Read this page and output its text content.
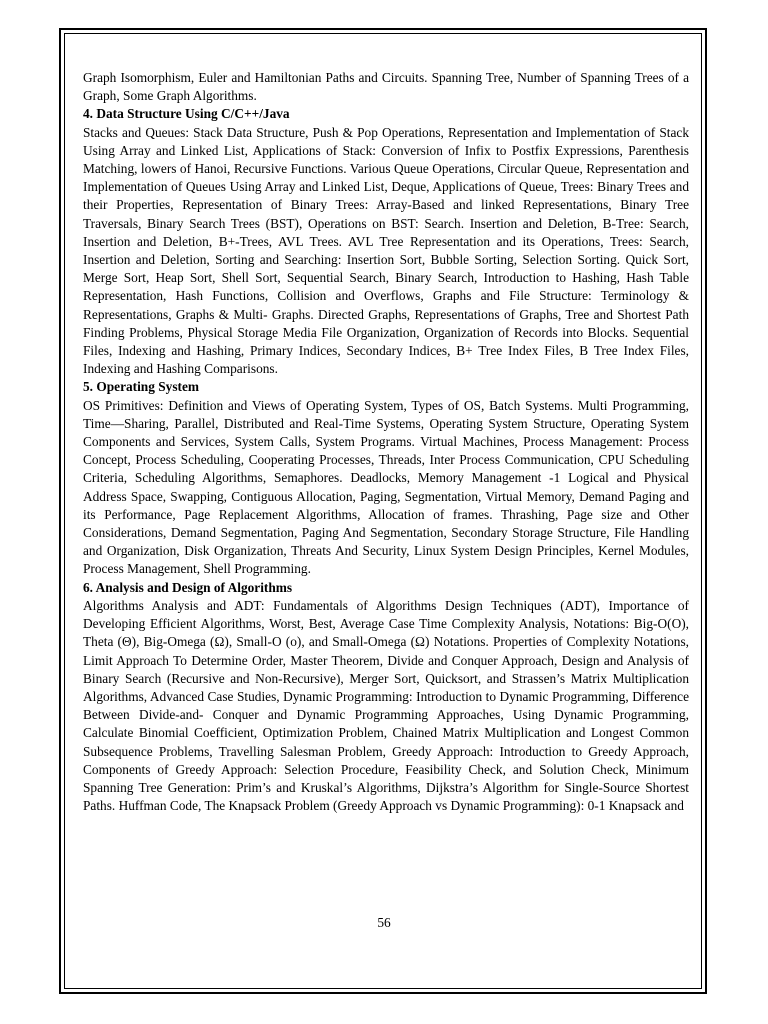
Graph Isomorphism, Euler and Hamiltonian Paths and Circuits. Spanning Tree, Number of Spanning Trees of a Graph, Some Graph Algorithms.

4. Data Structure Using C/C++/Java

Stacks and Queues: Stack Data Structure, Push & Pop Operations, Representation and Implementation of Stack Using Array and Linked List, Applications of Stack: Conversion of Infix to Postfix Expressions, Parenthesis Matching, lowers of Hanoi, Recursive Functions. Various Queue Operations, Circular Queue, Representation and Implementation of Queues Using Array and Linked List, Deque, Applications of Queue, Trees: Binary Trees and their Properties, Representation of Binary Trees: Array-Based and linked Representations, Binary Tree Traversals, Binary Search Trees (BST), Operations on BST: Search. Insertion and Deletion, B-Tree: Search, Insertion and Deletion, B+-Trees, AVL Trees. AVL Tree Representation and its Operations, Trees: Search, Insertion and Deletion, Sorting and Searching: Insertion Sort, Bubble Sorting, Selection Sorting. Quick Sort, Merge Sort, Heap Sort, Shell Sort, Sequential Search, Binary Search, Introduction to Hashing, Hash Table Representation, Hash Functions, Collision and Overflows, Graphs and File Structure: Terminology & Representations, Graphs & Multi- Graphs. Directed Graphs, Representations of Graphs, Tree and Shortest Path Finding Problems, Physical Storage Media File Organization, Organization of Records into Blocks. Sequential Files, Indexing and Hashing, Primary Indices, Secondary Indices, B+ Tree Index Files, B Tree Index Files, Indexing and Hashing Comparisons.

5. Operating System

OS Primitives: Definition and Views of Operating System, Types of OS, Batch Systems. Multi Programming, Time—Sharing, Parallel, Distributed and Real-Time Systems, Operating System Structure, Operating System Components and Services, System Calls, System Programs. Virtual Machines, Process Management: Process Concept, Process Scheduling, Cooperating Processes, Threads, Inter Process Communication, CPU Scheduling Criteria, Scheduling Algorithms, Semaphores. Deadlocks, Memory Management -1 Logical and Physical Address Space, Swapping, Contiguous Allocation, Paging, Segmentation, Virtual Memory, Demand Paging and its Performance, Page Replacement Algorithms, Allocation of frames. Thrashing, Page size and Other Considerations, Demand Segmentation, Paging And Segmentation, Secondary Storage Structure, File Handling and Organization, Disk Organization, Threats And Security, Linux System Design Principles, Kernel Modules, Process Management, Shell Programming.

6. Analysis and Design of Algorithms

Algorithms Analysis and ADT: Fundamentals of Algorithms Design Techniques (ADT), Importance of Developing Efficient Algorithms, Worst, Best, Average Case Time Complexity Analysis, Notations: Big-O(O), Theta (Θ), Big-Omega (Ω), Small-O (o), and Small-Omega (Ω) Notations. Properties of Complexity Notations, Limit Approach To Determine Order, Master Theorem, Divide and Conquer Approach, Design and Analysis of Binary Search (Recursive and Non-Recursive), Merger Sort, Quicksort, and Strassen’s Matrix Multiplication Algorithms, Advanced Case Studies, Dynamic Programming: Introduction to Dynamic Programming, Difference Between Divide-and- Conquer and Dynamic Programming Approaches, Using Dynamic Programming, Calculate Binomial Coefficient, Optimization Problem, Chained Matrix Multiplication and Longest Common Subsequence Problems, Travelling Salesman Problem, Greedy Approach: Introduction to Greedy Approach, Components of Greedy Approach: Selection Procedure, Feasibility Check, and Solution Check, Minimum Spanning Tree Generation: Prim’s and Kruskal’s Algorithms, Dijkstra’s Algorithm for Single-Source Shortest Paths. Huffman Code, The Knapsack Problem (Greedy Approach vs Dynamic Programming): 0-1 Knapsack and

56
